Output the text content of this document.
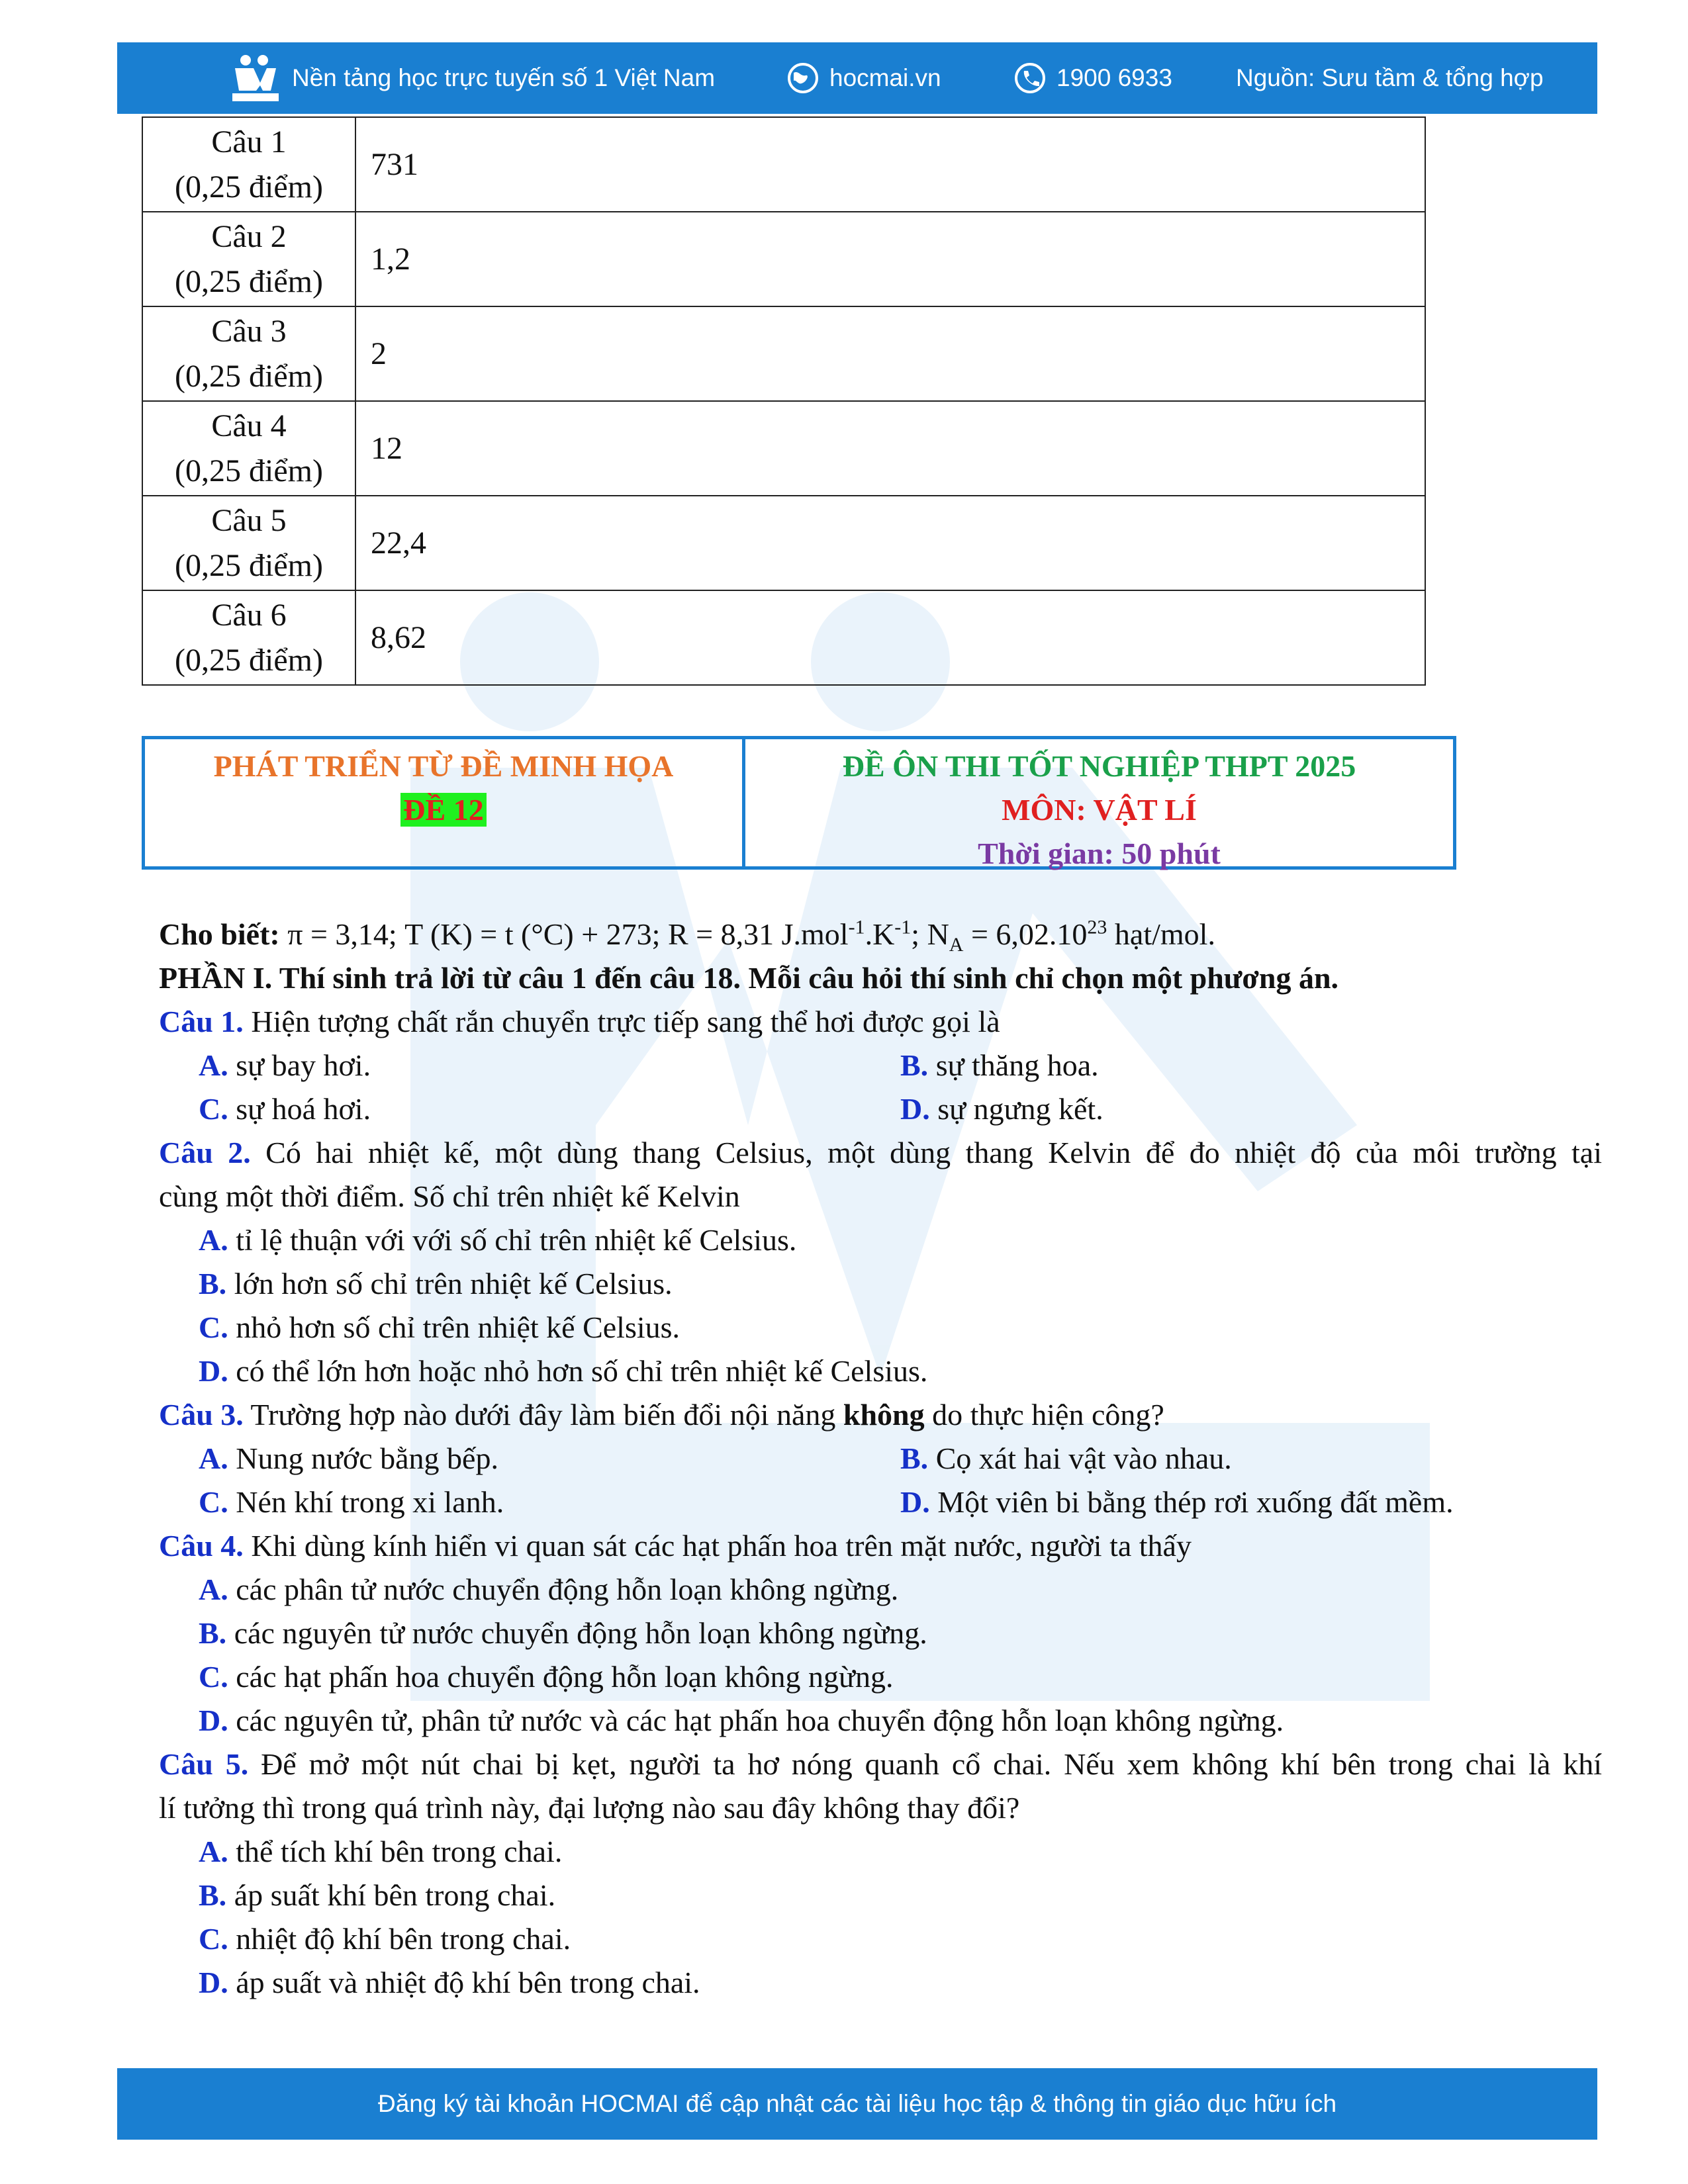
Nền tảng học trực tuyến số 1 Việt Nam	hocmai.vn	1900 6933	Nguồn: Sưu tầm & tổng hợp
Câu 1
(0,25 điểm)	731

Câu 2
(0,25 điểm)	1,2

Câu 3
(0,25 điểm)	2

Câu 4
(0,25 điểm)	12

Câu 5
(0,25 điểm)	22,4

Câu 6
(0,25 điểm)	8,62
PHÁT TRIỂN TỪ ĐỀ MINH HỌA
ĐỀ 12
ĐỀ ÔN THI TỐT NGHIỆP THPT 2025
MÔN: VẬT LÍ
Thời gian: 50 phút
Cho biết: π = 3,14; T (K) = t (°C) + 273; R = 8,31 $J.mol^{-1}.K^{-1}$; $N_A = 6,02.10^{23}$ hạt/mol.
PHẦN I. Thí sinh trả lời từ câu 1 đến câu 18. Mỗi câu hỏi thí sinh chỉ chọn một phương án.
Câu 1. Hiện tượng chất rắn chuyển trực tiếp sang thể hơi được gọi là
A. sự bay hơi.	B. sự thăng hoa.
C. sự hoá hơi.	D. sự ngưng kết.
Câu 2. Có hai nhiệt kế, một dùng thang Celsius, một dùng thang Kelvin để đo nhiệt độ của môi trường tại
cùng một thời điểm. Số chỉ trên nhiệt kế Kelvin
A. tỉ lệ thuận với với số chỉ trên nhiệt kế Celsius.
B. lớn hơn số chỉ trên nhiệt kế Celsius.
C. nhỏ hơn số chỉ trên nhiệt kế Celsius.
D. có thể lớn hơn hoặc nhỏ hơn số chỉ trên nhiệt kế Celsius.
Câu 3. Trường hợp nào dưới đây làm biến đổi nội năng không do thực hiện công?
A. Nung nước bằng bếp.	B. Cọ xát hai vật vào nhau.
C. Nén khí trong xi lanh.	D. Một viên bi bằng thép rơi xuống đất mềm.
Câu 4. Khi dùng kính hiển vi quan sát các hạt phấn hoa trên mặt nước, người ta thấy
A. các phân tử nước chuyển động hỗn loạn không ngừng.
B. các nguyên tử nước chuyển động hỗn loạn không ngừng.
C. các hạt phấn hoa chuyển động hỗn loạn không ngừng.
D. các nguyên tử, phân tử nước và các hạt phấn hoa chuyển động hỗn loạn không ngừng.
Câu 5. Để mở một nút chai bị kẹt, người ta hơ nóng quanh cổ chai. Nếu xem không khí bên trong chai là khí
lí tưởng thì trong quá trình này, đại lượng nào sau đây không thay đổi?
A. thể tích khí bên trong chai.
B. áp suất khí bên trong chai.
C. nhiệt độ khí bên trong chai.
D. áp suất và nhiệt độ khí bên trong chai.
Đăng ký tài khoản HOCMAI để cập nhật các tài liệu học tập & thông tin giáo dục hữu ích
